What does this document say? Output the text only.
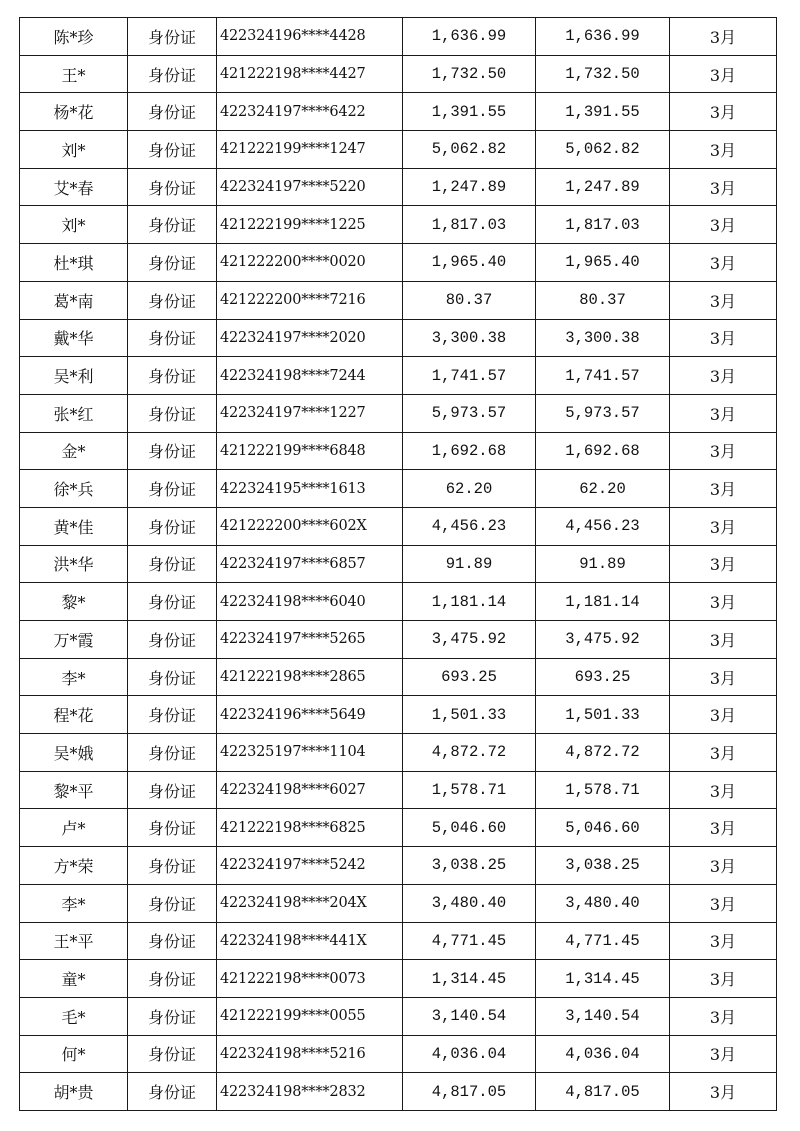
陈*珍	身份证	422324196****4428	1,636.99	1,636.99	3月
王*	身份证	421222198****4427	1,732.50	1,732.50	3月
杨*花	身份证	422324197****6422	1,391.55	1,391.55	3月
刘*	身份证	421222199****1247	5,062.82	5,062.82	3月
艾*春	身份证	422324197****5220	1,247.89	1,247.89	3月
刘*	身份证	421222199****1225	1,817.03	1,817.03	3月
杜*琪	身份证	421222200****0020	1,965.40	1,965.40	3月
葛*南	身份证	421222200****7216	80.37	80.37	3月
戴*华	身份证	422324197****2020	3,300.38	3,300.38	3月
吴*利	身份证	422324198****7244	1,741.57	1,741.57	3月
张*红	身份证	422324197****1227	5,973.57	5,973.57	3月
金*	身份证	421222199****6848	1,692.68	1,692.68	3月
徐*兵	身份证	422324195****1613	62.20	62.20	3月
黄*佳	身份证	421222200****602X	4,456.23	4,456.23	3月
洪*华	身份证	422324197****6857	91.89	91.89	3月
黎*	身份证	422324198****6040	1,181.14	1,181.14	3月
万*霞	身份证	422324197****5265	3,475.92	3,475.92	3月
李*	身份证	421222198****2865	693.25	693.25	3月
程*花	身份证	422324196****5649	1,501.33	1,501.33	3月
吴*娥	身份证	422325197****1104	4,872.72	4,872.72	3月
黎*平	身份证	422324198****6027	1,578.71	1,578.71	3月
卢*	身份证	421222198****6825	5,046.60	5,046.60	3月
方*荣	身份证	422324197****5242	3,038.25	3,038.25	3月
李*	身份证	422324198****204X	3,480.40	3,480.40	3月
王*平	身份证	422324198****441X	4,771.45	4,771.45	3月
童*	身份证	421222198****0073	1,314.45	1,314.45	3月
毛*	身份证	421222199****0055	3,140.54	3,140.54	3月
何*	身份证	422324198****5216	4,036.04	4,036.04	3月
胡*贵	身份证	422324198****2832	4,817.05	4,817.05	3月
